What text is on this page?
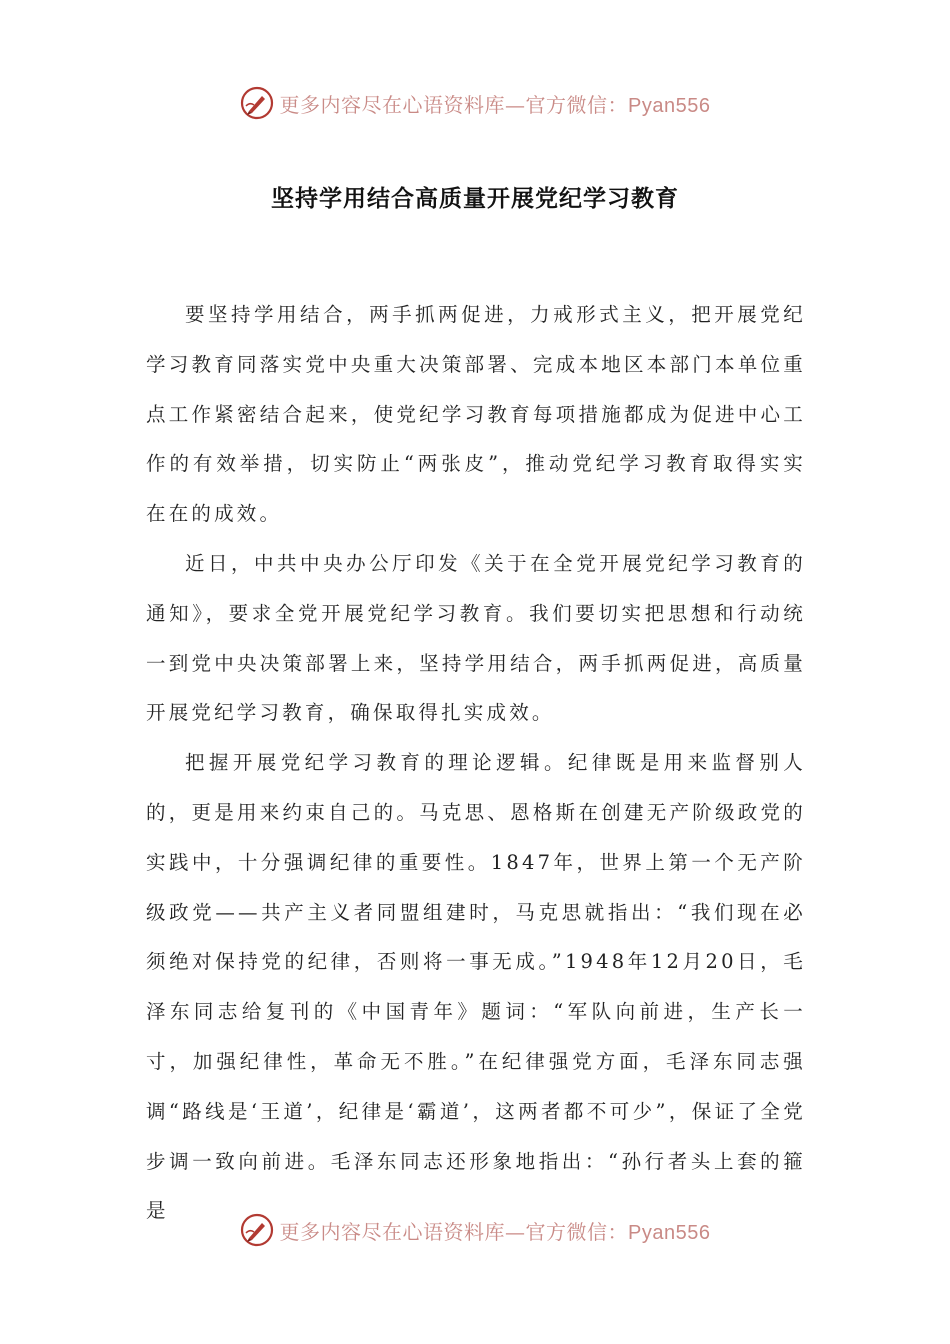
更多内容尽在心语资料库—官方微信：Pyan556
坚持学用结合高质量开展党纪学习教育

要坚持学用结合，两手抓两促进，力戒形式主义，把开展党纪学习教育同落实党中央重大决策部署、完成本地区本部门本单位重点工作紧密结合起来，使党纪学习教育每项措施都成为促进中心工作的有效举措，切实防止“两张皮”，推动党纪学习教育取得实实在在的成效。

近日，中共中央办公厅印发《关于在全党开展党纪学习教育的通知》，要求全党开展党纪学习教育。我们要切实把思想和行动统一到党中央决策部署上来，坚持学用结合，两手抓两促进，高质量开展党纪学习教育，确保取得扎实成效。

把握开展党纪学习教育的理论逻辑。纪律既是用来监督别人的，更是用来约束自己的。马克思、恩格斯在创建无产阶级政党的实践中，十分强调纪律的重要性。1847年，世界上第一个无产阶级政党——共产主义者同盟组建时，马克思就指出：“我们现在必须绝对保持党的纪律，否则将一事无成。”1948年12月20日，毛泽东同志给复刊的《中国青年》题词：“军队向前进，生产长一寸，加强纪律性，革命无不胜。”在纪律强党方面，毛泽东同志强调“路线是‘王道’，纪律是‘霸道’，这两者都不可少”，保证了全党步调一致向前进。毛泽东同志还形象地指出：“孙行者头上套的箍是

更多内容尽在心语资料库—官方微信：Pyan556
